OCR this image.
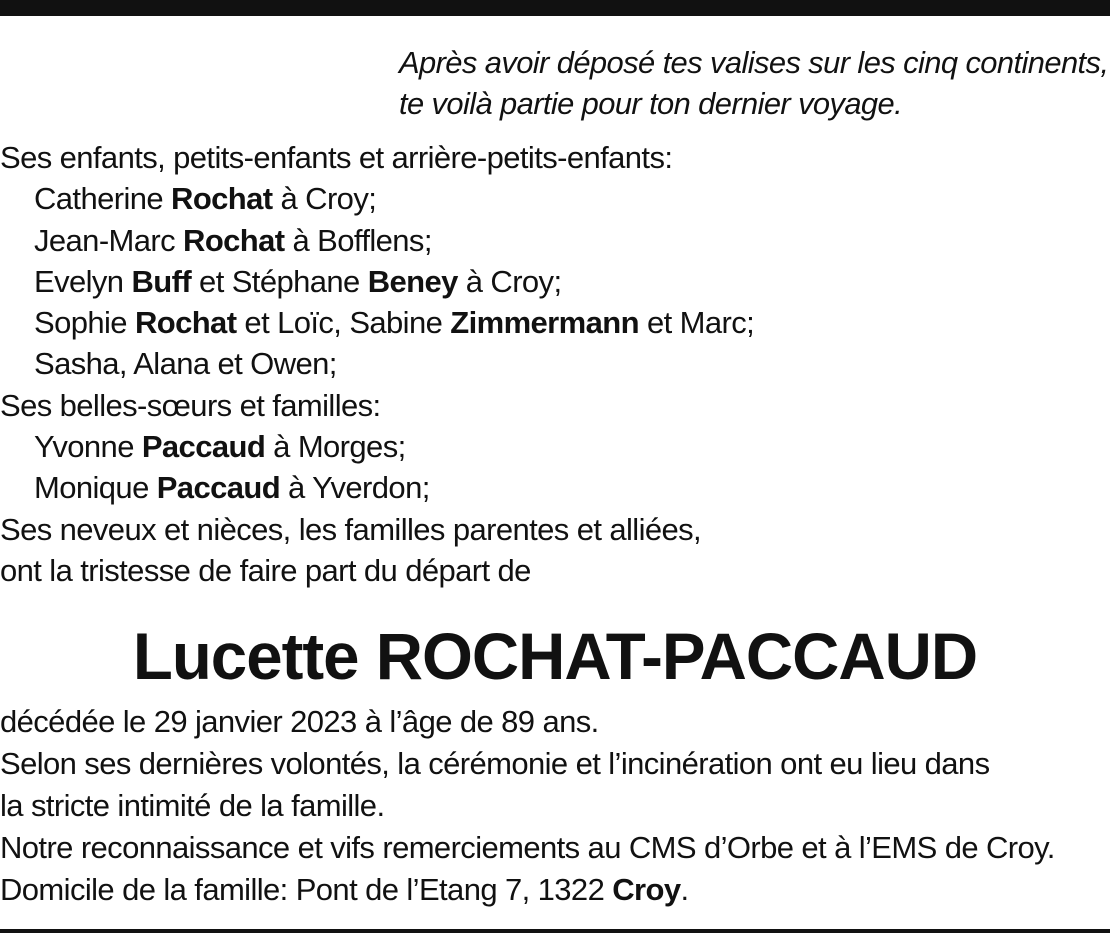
Après avoir déposé tes valises sur les cinq continents,
te voilà partie pour ton dernier voyage.
Ses enfants, petits-enfants et arrière-petits-enfants:
Catherine Rochat à Croy;
Jean-Marc Rochat à Bofflens;
Evelyn Buff et Stéphane Beney à Croy;
Sophie Rochat et Loïc, Sabine Zimmermann et Marc;
Sasha, Alana et Owen;
Ses belles-sœurs et familles:
Yvonne Paccaud à Morges;
Monique Paccaud à Yverdon;
Ses neveux et nièces, les familles parentes et alliées,
ont la tristesse de faire part du départ de
Lucette ROCHAT-PACCAUD
décédée le 29 janvier 2023 à l’âge de 89 ans.
Selon ses dernières volontés, la cérémonie et l’incinération ont eu lieu dans
la stricte intimité de la famille.
Notre reconnaissance et vifs remerciements au CMS d’Orbe et à l’EMS de Croy.
Domicile de la famille: Pont de l’Etang 7, 1322 Croy.
